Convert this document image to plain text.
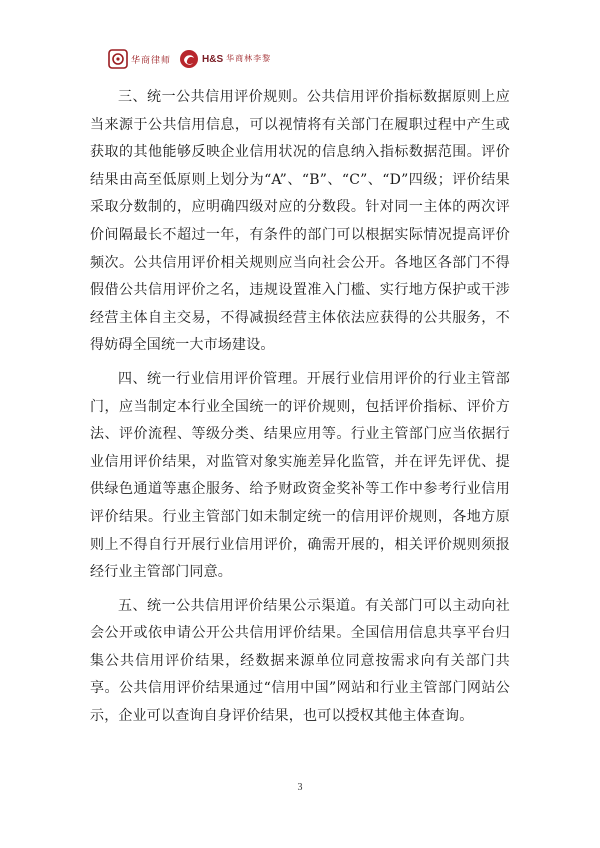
华商律师	H&S 华商林李黎

三、统一公共信用评价规则。公共信用评价指标数据原则上应当来源于公共信用信息，可以视情将有关部门在履职过程中产生或获取的其他能够反映企业信用状况的信息纳入指标数据范围。评价结果由高至低原则上划分为“A”、“B”、“C”、“D”四级；评价结果采取分数制的，应明确四级对应的分数段。针对同一主体的两次评价间隔最长不超过一年，有条件的部门可以根据实际情况提高评价频次。公共信用评价相关规则应当向社会公开。各地区各部门不得假借公共信用评价之名，违规设置准入门槛、实行地方保护或干涉经营主体自主交易，不得减损经营主体依法应获得的公共服务，不得妨碍全国统一大市场建设。

四、统一行业信用评价管理。开展行业信用评价的行业主管部门，应当制定本行业全国统一的评价规则，包括评价指标、评价方法、评价流程、等级分类、结果应用等。行业主管部门应当依据行业信用评价结果，对监管对象实施差异化监管，并在评先评优、提供绿色通道等惠企服务、给予财政资金奖补等工作中参考行业信用评价结果。行业主管部门如未制定统一的信用评价规则，各地方原则上不得自行开展行业信用评价，确需开展的，相关评价规则须报经行业主管部门同意。

五、统一公共信用评价结果公示渠道。有关部门可以主动向社会公开或依申请公开公共信用评价结果。全国信用信息共享平台归集公共信用评价结果，经数据来源单位同意按需求向有关部门共享。公共信用评价结果通过“信用中国”网站和行业主管部门网站公示，企业可以查询自身评价结果，也可以授权其他主体查询。

3
